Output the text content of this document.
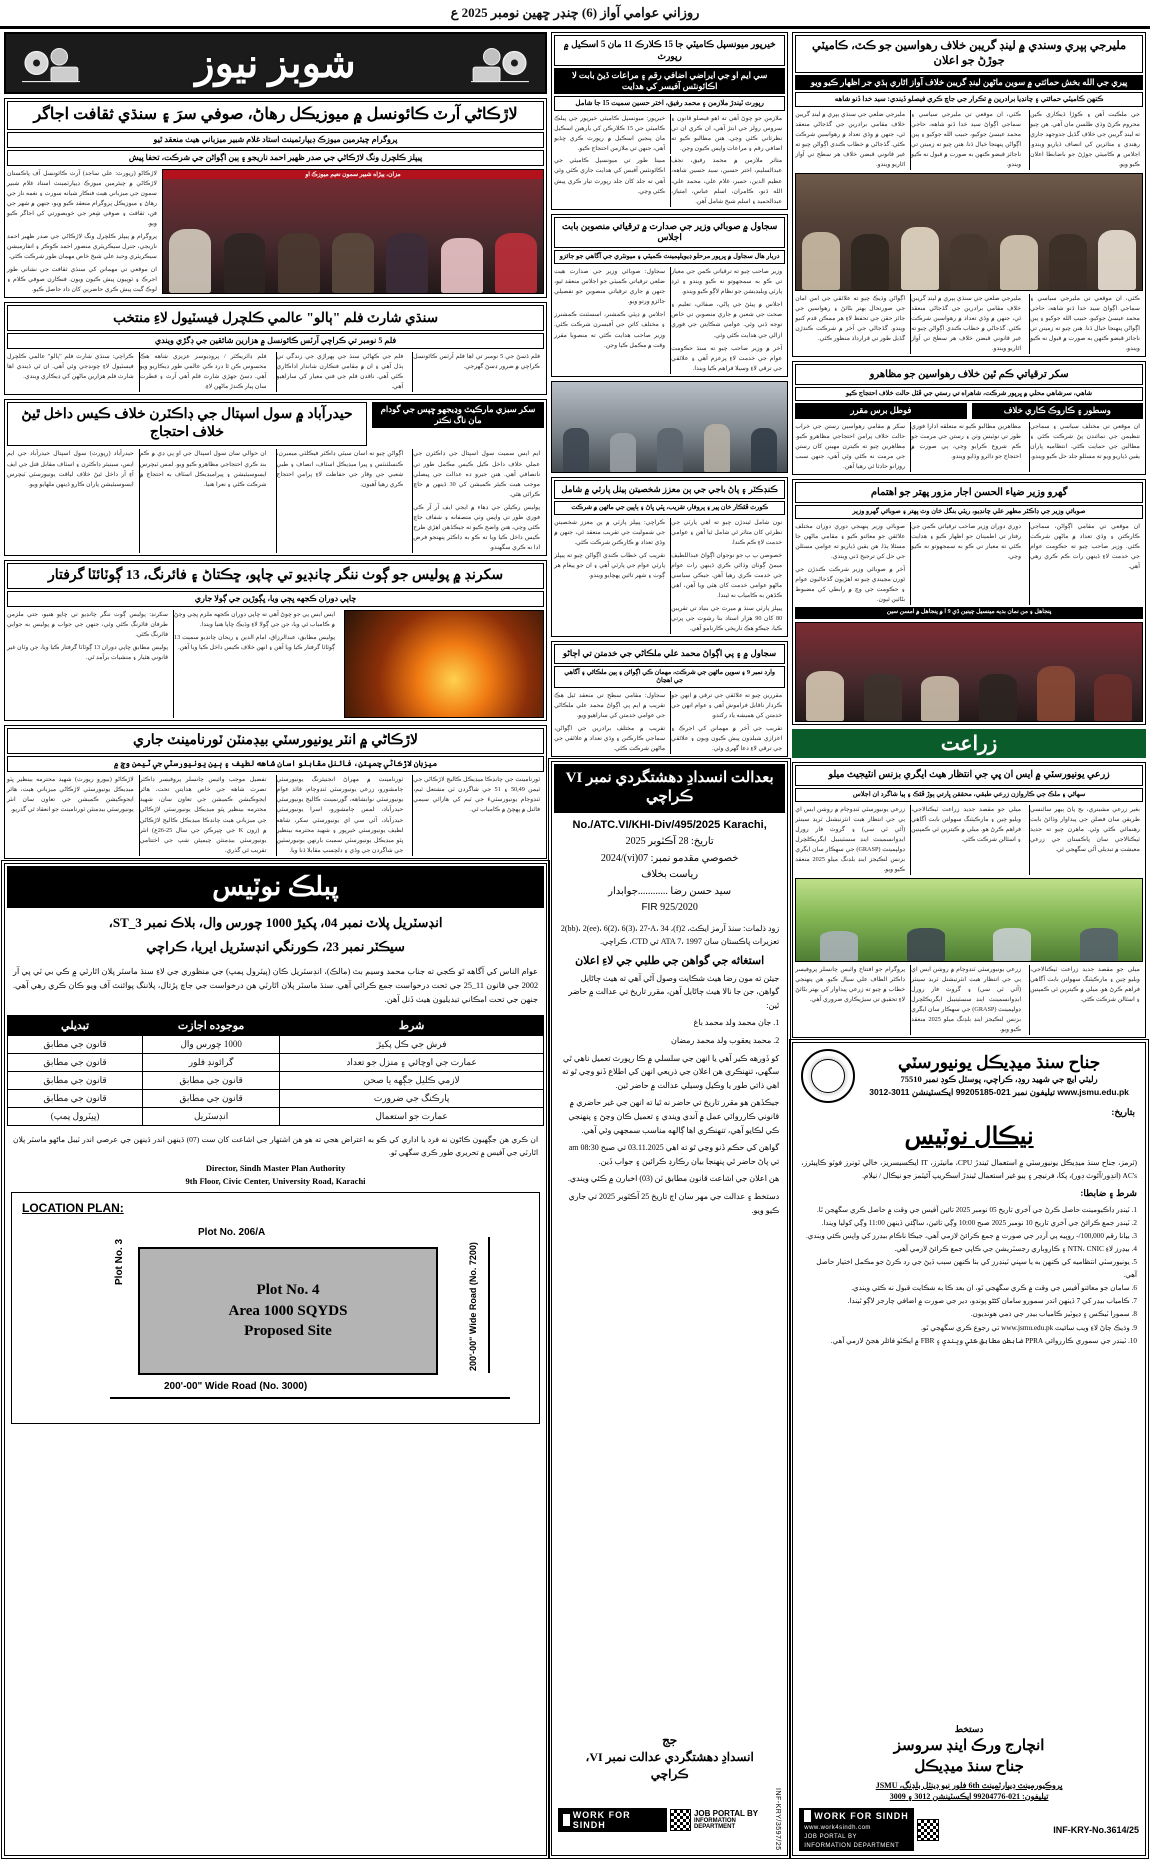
روزاني عوامي آواز (6) چنڊر ڇھين نومبر 2025 ع
شوبز نيوز
لاڙڪاڻي آرٽ ڪائونسل ۾ ميوزيڪل رهاڻ، صوفي سرَ ۽ سنڌي ثقافت اجاگر
پروگرام چيئرمين ميوزڪ ڊيپارٽمينٽ استاد غلام شبير ميزباني هيٺ منعقد ٿيو
پيپلز ڪلچرل ونگ لاڙڪاڻي جي صدر ظهير احمد ناريجو ۽ ٻين اڳواڻن جي شرڪت، تحفا پيش
لاڙڪاڻو (رپورٽ: علي ساجد) آرٽ ڪائونسل آف پاڪستان لاڙڪاڻي ۾ چيئرمين ميوزڪ ڊيپارٽمينٽ استاد غلام شبير سمون جي ميزباني هيٺ فنڪار شيانه سورٺ ۽ نغمه ناز جي رهاڻ ۽ ميوزيڪل پروگرام منعقد ڪيو ويو، جنهن ۾ شهر جي فن، ثقافت ۽ صوفي شِعر جي خوبصورتي کي اجاگر ڪيو ويو.
پروگرام ۾ پيپلز ڪلچرل ونگ لاڙڪاڻي جي صدر ظهير احمد ناريجي، جنرل سيڪريٽري منصور احمد ڪوڪر ۽ انفارميشن سيڪريٽري وحيد علي شيخ خاص مهمان طور شرڪت ڪئي.
ان موقعي تي مهمانن کي سنڌي ثقافت جي نشاني طور اجرڪ ۽ ٽوپيون پيش ڪيون ويون. فنڪارن صوفي ڪلام ۽ لوڪ گيت پيش ڪري حاضرين کان داد حاصل ڪيو.
مزان، ٻيڙاه شبير سمون نعيم ميوزڪ او
سنڌي شارٽ فلم "ٻالو" عالمي ڪلچرل فيسٽيول لاءِ منتخب
فلم 5 نومبر تي ڪراچي آرٽس ڪائونسل ۾ هزارين شائقين جي ڊگڙي ويندي
ڪراچي: سنڌي شارٽ فلم "ٻالو" عالمي ڪلچرل فيسٽيول لاءِ چونڊجي وئي آهي. ان ٿي ڏيندي اها شارٽ فلم هزارين ماڻهن کي ڊيڪاري ويندي.
فلم ڊائريڪٽر / پروڊيوسر عزيزي شاهه هڪ محسوس ڪن ٿا درد ڪي عالمي طور ڊيڪاريو ويو آهي. ڊسڻ جهڙي شارٽ فلم آهي آرٽ ۽ فطرت سان پيار ڪندڙ ماڻهن لاءِ.
فلم جي ڪهاڻي سنڌ جي ٻهراڙي جي زندگي تي ٻڌل آهي ۽ ان ۾ مقامي فنڪارن شاندار اداڪاري ڪئي آهي. ناقدن فلم جي فني معيار کي ساراهيو آهي.
فلم ڏسڻ جي 5 نومبر تي اها فلم آرٽس ڪائونسل ڪراچي ۾ ضرور ڊسڻ گهرجي.
حيدرآباد ۾ سول اسپتال جي ڊاڪٽرن خلاف ڪيس داخل ٿيڻ خلاف احتجاج
سکر سبزي مارڪيٽ وڍيجھو ڇپس جي گودام مان ناگ نڪتر
حيدرآباد (رپورٽ) سول اسپتال حيدرآباد جي ايم ايس، سينيئر ڊاڪٽرن ۽ اسٽاف مقابل قتل جي ايف آءِ آر داخل ٿيڻ خلاف لياقت يونيورسٽي ٽيچرس ايسوسيئيشن پاران ڪارو ڏينهن ملهايو ويو.
ان حوالي سان سول اسپتال جي او پي ڊي ۾ ڪم بند ڪري احتجاجي مظاهرو ڪيو ويو. لمس ٽيچرس ايسوسيئيشن ۽ پيراميڊيڪل اسٽاف به احتجاج ۾ شرڪت ڪئي ۽ نعرا هنيا.
اڳواڻن چيو ته اسان سيٽي ڊاڪٽر فيڪلٽي ميمبرن، ڪنسلٽنٽس ۽ پيرا ميڊيڪل اسٽاف، انصاف ۽ طبي شعبي جي وقار جي حفاظت لاءِ پرامن احتجاج ڪري رهيا آهيون.
ايم ايس سميت سول اسپتال جي ڊاڪٽرن جي عملي خلاف داخل ڪيل ڪيس مڪمل طور تي نانصافي آهي. هنن جيرو ده عدالت جي ڀيصلي موجب هيٺ ڪيئر ڪميشن کي 30 ڏينهن ۾ جاچ ڪرائي هٿي.
پوليس رڪيلن جي ڊهاء ۾ ايجي ايف آر آر ڪي فوري طور تي واپس وٺي منصفانه ۽ شفاف جاچ ڪئي وڃي، هنن واضح ڪيو ته جيڪڏهن اهڙي طرح ڪيس داخل ڪيا ويا ته ڪو به ڊاڪٽر پنهنجو فرض ادا نه ڪري سگهندو.
سکرنڊ ۾ پوليس جو ڳوٺ ننگر چانڊيو تي چاپو، ڇڪتاڻ ۽ فائرنگ، 13 ڳوٽائٽا گرفتار
چاپي دوران ڪجهه ڀڄي ويا، ڀڳوڙين جي ڳولا جاري
سکرنڊ: پوليس ڳوٺ ننگر چانڊيو تي ڇاپو هنيو، جتي ملزمن طرفان فائرنگ ڪئي وئي، جنهن جي جواب ۾ پوليس به جوابي فائرنگ ڪئي.
پوليس مطابق ڇاپي دوران 13 ڳوٽاٽا گرفتار ڪيا ويا، جن وٽان غير قانوني هٿيار ۽ منشيات برآمد ٿي.
ايس ايس پي جو چوڻ آهي ته ڇاپي دوران ڪجهه ملزم ڀڄي وڃڻ ۾ ڪامياب ٿي ويا، جن جي ڳولا لاءِ وڌيڪ ڇاپا هنيا ويندا.
پوليس مطابق، عبدالرزاق، امام الدين ۽ ريحان چانڊيو سميت 13 ڳوٽاٽا گرفتار ڪيا ويا آهن ۽ انهن خلاف ڪيس داخل ڪيا ويا آهن.
لاڙڪاڻي ۾ انٽر يونيورسٽي بيڊمنٽن ٽورنامينٽ جاري
ميزبان لاڙڪاڻي چمپئن، فائنل مقابلو اسان شاهه لطيف ۽ ٻين يونيورسٽي جي ٽيمن وچ ۾
لاڙڪاڻو (بيورو رپورٽ) شهيد محترمه بينظير ڀٽو ميڊيڪل يونيورسٽي لاڙڪاڻي ميزباني هيٺ، هائر ايجوڪيشن ڪميشن جي تعاون سان انٽر يونيورسٽي بيڊمنٽن ٽورنامينٽ جو انعقاد ٿي گذريو.
تفصيل موجب وائيس چانسلر پروفيسر ڊاڪٽر تصرت شاهه جي خاص هدايتن تحت، هائر ايجوڪيشن ڪميشن جي تعاون سان، شهيد محترمه بينظير ڀٽو ميڊيڪل يونيورسٽي لاڙڪاڻي جي ميزباني هيٺ چانڊڪا ميڊيڪل ڪاليج لاڙڪاڻي ۾ (زون K جي ڇپرڪن جي سال 25-26ع) انٽر يونيورسٽي بيڊمنٽن چيمپئن شپ جي اختتامي تقريب ٿي گذري.
ٽورنامينٽ ۾ مهراڻ انجنيئرنگ يونيورسٽي ڄامشورو، زرعي يونيورسٽي ٽنڊوڄام، قائد عوام يونيورسٽي نوابشاهه، گورنمينٽ ڪاليج يونيورسٽي حيدرآباد، لمس ڄامشورو، اسرا يونيورسٽي حيدرآباد، آئي سي اي يونيورسٽي سکر، شاهه لطيف يونيورسٽي خيرپور ۽ شهيد محترمه بينظير ڀٽو ميڊيڪل يونيورسٽي سميت يارنهن يونيورسٽين جي شاگردن جي وڏي ۽ دلچسپ مقابلا ڏنا ويا.
ٽورنامينٽ جي چانڊڪا ميڊيڪل ڪاليج لاڙڪاڻي جي ٽيمن 50,49 ۽ 51 جي شاگردن ٽي مشتعل ٽيم، ٽنڊوڄام يونيورسٽيءَ جي ٽيم کي هارائي سيمي فائنل ۾ پهچڻ ۾ ڪامياب ٿي.
پبلڪ نوٽيس
انڊسٽريل پلاٽ نمبر 04، پکيڙ 1000 چورس وال، بلاڪ نمبر 3_ST،
سيڪٽر نمبر 23، ڪورنگي انڊسٽريل ايريا، ڪراچي
عوام الناس کي آگاهه ٿو ڪجي ته جناب محمد وسيم بٽ (مالڪ)، انڊسٽريل ڪان (پيٽرول پمپ) جي منظوري جي لاءِ سنڌ ماسٽر پلان اٿارٽي ۾ ڪي بي ٽي پي آر 2002 جي قانون 11_25 جي تحت درخواست جمع ڪرائي آهي. سنڌ ماسٽر پلان اٿارٽي هن درخواست جي جاچ پڙتال، پلاننگ پوائنٽ آف ويو ڪان ڪري رهي آهي. جنهن جي تحت امڪاني تبديليون هيٺ ڏنل آهن.
شرط	موجوده اجازت	تبديلي
فرش جي ڪل پکيڙ	1000 چورس وال	قانون جي مطابق
عمارت جي اوچائي ۽ منزل جو تعداد	گرائونڊ فلور	قانون جي مطابق
لازمي ڪليل جڳهه يا صحن	قانون جي مطابق	قانون جي مطابق
پارڪنگ جي ضرورت	قانون جي مطابق	قانون جي مطابق
عمارت جو استعمال	انڊسٽريل	(پيٽرول پمپ)
ان ڪري هن جڳهيون ڪاڻون نه فرد يا اداري کي ڪو به اعتراض هجي ته هو هن اشتهار جي اشاعت کان ست (07) ڏينهن اندر ڏينهن جي عرصي اندر ٽيبل ماڻهو ماسٽر پلان اٿارٽي جي آفيس ۾ تحريري طور ڪري سگهي ٿو.
Director, Sindh Master Plan Authority
9th Floor, Civic Center, University Road, Karachi
LOCATION PLAN:
Plot No. 206/A
Plot No. 3
Plot No. 4
Area 1000 SQYDS
Proposed Site	200'-00" Wide Road (No. 7200)
200'-00" Wide Road (No. 3000)
خيرپور ميونسپل ڪاميٽي جا 15 ڪلارڪ 11 مان 5 اسڪيل ۾ رپورٽ
سي ايم او جي ايراضي اضافي رقم ۽ مراعات ڏيڻ بابت لا اڪائونٽس آفيسر کي هدايت
رپورٽ ٽيندڙ ملازمن ۽ محمد رفيق، اختر حسين سميت 15 جا شامل
خيرپور: ميونسپل ڪاميٽي خيرپور جي پبلڪ ڪاميٽي جي 15 ڪلارڪن کي يارهين اسڪيل مان پنجين اسڪيل ۾ رپورٽ ڪري ڇڏيو آهي، جنهن تي ملازمن احتجاج ڪيو.
ملازمن جو چوڻ آهي ته اهو فيصلو قانون ۽ سروس رولز جي ابتڙ آهي، ان ڪري ان تي نظرثاني ڪئي وڃي. هنن مطالبو ڪيو ته اضافي رقم ۽ مراعات واپس ڪيون وڃن.
مبينا طور تي ميونسپل ڪاميٽي جي اڪائونٽس آفيس کي هدايت جاري ڪئي وئي آهي ته جلد کان جلد رپورٽ تيار ڪري پيش ڪئي وڃي.
متاثر ملازمن ۾ محمد رفيق، نجف عبدالسليم، اختر حسين، سيد حسين شاهه، عظيم الدين، حمير، غلام علي، محمد علي، الله ڏنو، ڪامران، اسلم عباس، امتياز، عبدالحميد ۽ اسلم شيخ شامل آهن.
سجاول ۾ صوبائي وزير جي صدارت ۾ ترقياتي منصوبن بابت اجلاس
دربار هال سجاول ۾ ڀرپور مرحلو ڊيويلپمينٽ ڪميٽي ۽ ميونٽري جي آگاهي جو جائزو
سجاول: صوبائي وزير جي صدارت هيٺ ضلعي ترقياتي ڪميٽي جو اجلاس منعقد ٿيو، جنهن ۾ جاري ترقياتي منصوبن جو تفصيلي جائزو ورتو ويو.
اجلاس ۾ ڊپٽي ڪمشنر، اسسٽنٽ ڪمشنرز ۽ مختلف کاتن جي آفيسرن شرڪت ڪئي. وزير صاحب هدايت ڪئي ته منصوبا مقرر وقت ۾ مڪمل ڪيا وڃن.
وزير صاحب چيو ته ترقياتي ڪمن جي معيار تي ڪو به سمجهوتو نه ڪيو ويندو ۽ ٿرڊ پارٽي ويليڊيشن جو نظام لاڳو ڪيو ويندو.
اجلاس ۾ پيئڻ جي پاڻي، صفائي، تعليم ۽ صحت جي شعبن ۾ جاري منصوبن تي خاص توجه ڏني وئي. عوامي شڪايتن جي فوري ازالي جي هدايت ڪئي وئي.
آخر ۾ وزير صاحب چيو ته سنڌ حڪومت عوام جي خدمت لاءِ پرعزم آهي ۽ علائقي جي ترقي لاءِ وسيلا فراهم ڪيا ويندا.
ڪنڊڪٽر ۽ پاڻ باجي جي ٻن معزز شخصيتن ٻيٺل پارٽي ۾ شامل
ڪورٽ ڦڻڪار خان پير ۽ پروفار، تقريب، ڀٽي ڀاڻ ۽ ٻاپين جي ماڻهن ۾ شرڪت
ڪراچي: پيپلز پارٽي ۾ ٻن معزز شخصيتن جي شموليت جي تقريب منعقد ٿي، جنهن ۾ وڏي تعداد ۾ ڪارڪنن شرڪت ڪئي.
تقريب کي خطاب ڪندي اڳواڻن چيو ته پيپلز پارٽي عوام جي پارٽي آهي ۽ ان جو پيغام هر ڳوٺ ۽ شهر تائين پهچايو ويندو.
نون شامل ٿيندڙن چيو ته اهي پارٽي جي نظرئي کان متاثر ٿي شامل ٿيا آهن ۽ عوامي خدمت لاءِ ڪم ڪندا.
خصوصن ٻ ٻ جو نوجوان اڳواڻ عبداللطيف ميمڻ ڳوٺان وڌائي ڪري ڏينهن رات عوام جي خدمت ڪري رهيا آهن. جيڪي سياسي ماڻهو عوامي خدمت کان هٽي ويا آهن، اهي ڪڏهن به ڪامياب نه ٿيندا.
پيپلز پارٽي سنڌ ۾ ميرٽ جي بنياد تي تقريبن 80 کان 90 هزار استاد بنا رشوت جي ڀرتي ڪيا، جيڪو هڪ تاريخي ڪارنامو آهي.
سجاول ۾ ۽ پي اڳواڻ محمد علي ملڪاڻي جي خدمتن تي اڄاڻو
وارد نمبر 9 ۽ سوين ماڻهن جي شرڪت، مهمان ڪي اڳواڻن ۽ ٻين ملڪاڻي ۽ آگاهي جي اهڃاڻ
سجاول: مقامي سطح تي منعقد ٿيل هڪ تقريب ۾ ايم پي اڳواڻ محمد علي ملڪاڻي جي عوامي خدمتن کي ساراهيو ويو.
تقريب ۾ مختلف برادرين جي اڳواڻن، سماجي ڪارڪنن ۽ وڏي تعداد ۾ علائقي جي ماڻهن شرڪت ڪئي.
مقررين چيو ته علائقي جي ترقي ۾ انهن جو ڪردار ناقابل فراموش آهي ۽ عوام انهن جي خدمتن کي هميشه ياد رکندو.
تقريب جي آخر ۾ مهمانن کي اجرڪ ۽ اعزازي شيلڊون پيش ڪيون ويون ۽ علائقي جي ترقي لاءِ دعا گهري وئي.
بعدالت انسدادِ دهشتگردي نمبر VI ڪراچي
No./ATC.VI/KHI-Div/495/2025 Karachi,
تاريخ: 28 آڪٽوبر 2025
خصوصي مقدمو نمبر: 07(vi)/2024
رياست بخلاف
سيد حسن رضا ............جوابدار
FIR 925/2020
زود ذلمات: سنڌ آرمز ايڪٽ، 2(f)، 2(bb)، 2(ee)، 6(2)، 6(3)، 27-A، 34 تعزيرات پاڪستان سان ATA 7، 1997 تي CTD، ڪراچي.
استغاثه جي گواهن جي طلبي جي لاءِ اعلان
جيئن ته مون رضا هيٺ شڪايت وصول آڻي آهي ته هيٺ ڄاڻايل گواهن، جن جا نالا هيٺ ڄاڻايل آهن، مقرر تاريخ تي عدالت ۾ حاضر ٿين:
1. جان محمد ولد محمد باغ
2. محمد يعقوب ولد محمد رمضان
کو ڏورهه ڪير آهي يا انهن جي سلسلي ۾ ڪا رپورٽ تعميل ناهي ٿي سگهي، تنهنڪري هن اعلان جي ذريعي انهن کي اطلاع ڏنو وڃي ٿو ته اهي ذاتي طور يا وڪيل وسيلي عدالت ۾ حاضر ٿين.
جيڪڏهن هو مقرر تاريخ تي حاضر نه ٿيا ته انهن جي غير حاضري ۾ قانوني ڪارروائي عمل ۾ آندي ويندي ۽ تعميل ڪان وڃڻ ۽ پنهنجي ڪي لڪايو آهي، تنهنڪري اها ڳالهه مناسب سمجهي وئي آهي.
گواهن کي حڪم ڏنو وڃي ٿو ته اهي 03.11.2025 تي صبح 08:30 am تي پاڻ حاضر ٿي پنهنجا بيان رڪارڊ ڪرائين ۽ جواب ڏين.
هن اعلان جي اشاعت قانون مطابق ٽن (03) اخبارن ۾ ڪئي ويندي.
دستخط ۽ عدالت جي مهر سان اڄ تاريخ 25 آڪٽوبر 2025 تي جاري ڪيو ويو.
جج
انسدادِ دهشتگردي عدالت نمبر VI،
ڪراچي
INF-KRY/3597/25
WORK FOR SINDH
JOB PORTAL BY
INFORMATION DEPARTMENT
مليرجي ٻپري وسندي ۾ لينڊ گريبن خلاف رهواسين جو ڪٽ، ڪاميٽي جوڙڻ جو اعلان
پيري جي الله بخش حمائتي ۾ سوين ماڻهن لينڊ گريبن خلاف آواز اٿاري ٻڌي جر اظهار ڪيو ويو
ڪنهن ڪاميٽي حمائتي ۽ چانڊيا برادرين ۾ تڪرار جي جاچ ڪري فيصلو ڏيندي: سيد خدا ڏنو شاهه
مليرجي ضلعي جي سنڌي ٻپري ۾ لينڊ گريبن خلاف مقامي برادرين جي گڏجاڻي منعقد ٿي، جنهن ۾ وڏي تعداد ۾ رهواسين شرڪت ڪئي. گڏجاڻي ۾ خطاب ڪندي اڳواڻن چيو ته غير قانوني قبضن خلاف هر سطح تي آواز اٿاريو ويندو.
ڪٽي، ان موقعي تي مليرجي سياسي ۽ سماجي اڳواڻ سيد خدا ڏنو شاهه، حاجي محمد عيسيٰ جوکيو، حبيب الله جوکيو ۽ ٻين اڳواڻن پنهنجا خيال ڏنا. هنن چيو ته زمينن تي ناجائز قبضو ڪنهن به صورت ۾ قبول نه ڪيو ويندو.
جي ملڪيت آهن ۽ ڪوڙا ڏيڪاري ڪين محروم ڪرڻ وڌي طلسن مان آهي. هن چيو ته لينڊ گريبن جي خلاف گڏيل جدوجهد جاري رهندي ۽ متاثرين کي انصاف ڏياريو ويندو. اجلاس ۾ ڪاميٽي جوڙڻ جو باضابطا اعلان ڪيو ويو.
اڳواڻن وڌيڪ چيو ته علائقي جي امن امان جي صورتحال بهتر بڻائڻ ۽ رهواسين جي جائز حقن جي تحفظ لاءِ هر ممڪن قدم کنيو ويندو. گڏجاڻي جي آخر ۾ شرڪت ڪندڙن گڏيل طور تي قرارداد منظور ڪئي.
مليرجي ضلعي جي سنڌي ٻپري ۾ لينڊ گريبن خلاف مقامي برادرين جي گڏجاڻي منعقد ٿي، جنهن ۾ وڏي تعداد ۾ رهواسين شرڪت ڪئي. گڏجاڻي ۾ خطاب ڪندي اڳواڻن چيو ته غير قانوني قبضن خلاف هر سطح تي آواز اٿاريو ويندو.
ڪٽي، ان موقعي تي مليرجي سياسي ۽ سماجي اڳواڻ سيد خدا ڏنو شاهه، حاجي محمد عيسيٰ جوکيو، حبيب الله جوکيو ۽ ٻين اڳواڻن پنهنجا خيال ڏنا. هنن چيو ته زمينن تي ناجائز قبضو ڪنهن به صورت ۾ قبول نه ڪيو ويندو.
سکر ترقياتي ڪم ٿين خلاف رهواسين جو مظاهرو
شاهي، سرشاهي محلي ۾ ڀرپور شرڪت، شاهراه تي رستي جي ڦٽل حالت خلاف احتجاج ڪيو
فوطل برس مقرر	وسطور ۽ ڪاروڪ ڪاري خلاف
سکر ۾ مقامي رهواسين رستن جي خراب حالت خلاف پرامن احتجاجي مظاهرو ڪيو. مظاهرين چيو ته ڪيترن مهينن کان رستن جي مرمت نه ڪئي وئي آهي، جنهن سبب روزانو حادثا ٿي رهيا آهن.
مظاهرين مطالبو ڪيو ته متعلقه ادارا فوري طور تي نوٽيس وٺن ۽ رستن جي مرمت جو ڪم شروع ڪرايو وڃي، ٻي صورت ۾ احتجاج جو دائرو وڌايو ويندو.
ان موقعي تي مختلف سياسي ۽ سماجي تنظيمن جي نمائندن پڻ شرڪت ڪئي ۽ مطالبن جي حمايت ڪئي. انتظاميه پاران يقين ڏياريو ويو ته مسئلو جلد حل ڪيو ويندو.
گھرو وزير ضياء الحسن اجار مزور پهتر جو اهتمام
صوبائي وزير جي ڊاڪٽر مظهر علي چانڊيو، ريٽي بنگل خان وٽ پهتر ۽ صوبائي گھرو وزير
صوبائي وزير پنهنجي دوري دوران مختلف علائقن جو معائنو ڪيو ۽ مقامي ماڻهن جا مسئلا ٻڌا. هن يقين ڏياريو ته عوامي مسئلن جي حل کي ترجيح ڏني ويندي.
آخر ۾ صوبائي وزير شرڪت ڪندڙن جي ٿورن مڃيندي چيو ته اهڙيون گڏجاڻيون عوام ۽ حڪومت جي وچ ۾ رابطي کي مضبوط بڻائين ٿيون.
دوري دوران وزير صاحب ترقياتي ڪمن جي رفتار تي اطمينان جو اظهار ڪيو ۽ هدايت ڪئي ته معيار تي ڪو به سمجهوتو نه ڪيو وڃي.
ان موقعي تي مقامي اڳواڻن، سماجي ڪارڪنن ۽ وڏي تعداد ۾ ماڻهن شرڪت ڪئي. وزير صاحب چيو ته حڪومت عوام جي خدمت لاءِ ڏينهن رات ڪم ڪري رهي آهي.
پنجاهل ۽ من نمان بديه مينسيل چينين ڏي 9 ا ۾ پنجاهل ۾ امسن سين
زراعت
زرعي يونيورسٽي ۾ ايس ان ڀي جي انتظار هيٺ ايگري بزنس انٽيجيٽ ميلو
سهاڻي ۽ ملڪ جي ڪاروازن زرعي طبقي، محققن ڀارتي ٻوڙ ڦڻڪ ۽ ٻيا شاگرد ان اجلاس
زرعي يونيورسٽي ٽنڊوڄام ۾ روشن ايس اي ٻي جي انتظار هيٺ انٽرنيشنل ٽريڊ سينٽر (آئي ٽي سي) ۽ گروٽ فار رورل ايڊوانسمينٽ اينڊ سسٽينيبل ايگريڪلچرل ڊولپمينٽ (GRASP) جي سهڪار سان ايگري بزنس لنڪيجز اينڊ بلڊنگ ميلو 2025 منعقد ڪيو ويو.
ميلي جو مقصد جديد زراعت ٽيڪنالاجي، ويليو چين ۽ مارڪيٽنگ سهولتن بابت آگاهي فراهم ڪرڻ هو. ميلي ۾ ڪيترين ئي ڪمپنين ۽ اسٽالن شرڪت ڪئي.
بغير زرعي مشينري، بج پاڻ ٻيهر سائنسي طريقن سان فصلن جي پيداوار وڌائڻ بابت رهنمائي ڪئي وئي. ماهرن چيو ته جديد ٽيڪنالاجي سان پاڪستان جي زرعي معيشت ۾ تبديلي آڻي سگهجي ٿي.
پروگرام جو افتتاح وائيس چانسلر پروفيسر ڊاڪٽر الطاف علي سيال ڪيو. هن پنهنجي خطاب ۾ چيو ته زرعي پيداوار کي بهتر بڻائڻ لاءِ تحقيق تي سيڙپڪاري ضروري آهي.
زرعي يونيورسٽي ٽنڊوڄام ۾ روشن ايس اي ٻي جي انتظار هيٺ انٽرنيشنل ٽريڊ سينٽر (آئي ٽي سي) ۽ گروٽ فار رورل ايڊوانسمينٽ اينڊ سسٽينيبل ايگريڪلچرل ڊولپمينٽ (GRASP) جي سهڪار سان ايگري بزنس لنڪيجز اينڊ بلڊنگ ميلو 2025 منعقد ڪيو ويو.
ميلي جو مقصد جديد زراعت ٽيڪنالاجي، ويليو چين ۽ مارڪيٽنگ سهولتن بابت آگاهي فراهم ڪرڻ هو. ميلي ۾ ڪيترين ئي ڪمپنين ۽ اسٽالن شرڪت ڪئي.
جناح سنڌ ميڊيڪل يونيورسٽي
رليٽي ايچ جي شهيد روڊ، ڪراچي، پوسٽل ڪوڊ نمبر 75510
تيليفون نمبر 021-99205185 ايڪسٽينشن 3011-3012 www.jsmu.edu.pk
بتاريخ:
نيڪال نوٽيس
(ٽرمز، جناح سنڌ ميڊيڪل يونيورسٽي ۾ استعمال ٿيندڙ CPU، مانيٽرز، IT ايڪسيسريز، خالي ٽونرز فوٽو ڪاپيئرز، AC's (انڊور/آئوٽ ڊور)، پکا، فرنيچر ۽ ٻيو غير استعمال ٿيندڙ اسڪريپ آئيٽمز جو نيڪال / نيلام.
شرط ۽ ضابطا:
1. ٽينڊر ڊاڪيومينٽ حاصل ڪرڻ جي آخري تاريخ 05 نومبر 2025 تائين آفيس جي وقت ۾ حاصل ڪري سگهجن ٿا.
2. ٽينڊر جمع ڪرائڻ جي آخري تاريخ 10 نومبر 2025 صبح 10:00 وڳي تائين، ساڳئي ڏينهن 11:00 وڳي کوليا ويندا.
3. بيانا رقم 100,000/- روپيه پي آرڊر جي صورت ۾ جمع ڪرائڻ لازمي آهي، جيڪا ناڪام بيڊرز کي واپس ڪئي ويندي.
4. بيڊرز لاءِ NTN، CNIC ۽ ڪاروباري رجسٽريشن جي ڪاپي جمع ڪرائڻ لازمي آهي.
5. يونيورسٽي انتظاميه کي ڪنهن به يا سڀني ٽينڊرز کي بنا ڪنهن سبب ڏيڻ جي رد ڪرڻ جو مڪمل اختيار حاصل آهي.
6. سامان جو معائنو آفيس جي وقت ۾ ڪري سگهجي ٿو، ان بعد ڪا به شڪايت قبول نه ڪئي ويندي.
7. ڪامياب بيڊر کي 7 ڏينهن اندر سمورو سامان کڻڻو پوندو، دير جي صورت ۾ اضافي چارجز لاڳو ٿيندا.
8. سمورا ٽيڪس ۽ ڊيوٽيز ڪامياب بيڊر جي ذمي هونديون.
9. وڌيڪ ڄاڻ لاءِ ويب سائيٽ www.jsmu.edu.pk تي رجوع ڪري سگهجي ٿو.
10. ٽينڊر جي سموري ڪارروائي PPRA ضابطن مطابق ڪئي ويندي ۽ FBR ۾ ايڪٽو فائلر هجڻ لازمي آهي.
دستخط
انچارج ورڪ اينڊ سروسز
جناح سنڌ ميڊيڪل
پروڪيورمينٽ ڊيپارٽمينٽ 6th فلور نيو ڊينٽل بلڊنگ، JSMU
تيليفون: 021-99204776 ايڪسٽينشن 3012 ۽ 3009
INF-KRY-No.3614/25
WORK FOR SINDH
www.work4sindh.com
JOB PORTAL BY
INFORMATION DEPARTMENT
